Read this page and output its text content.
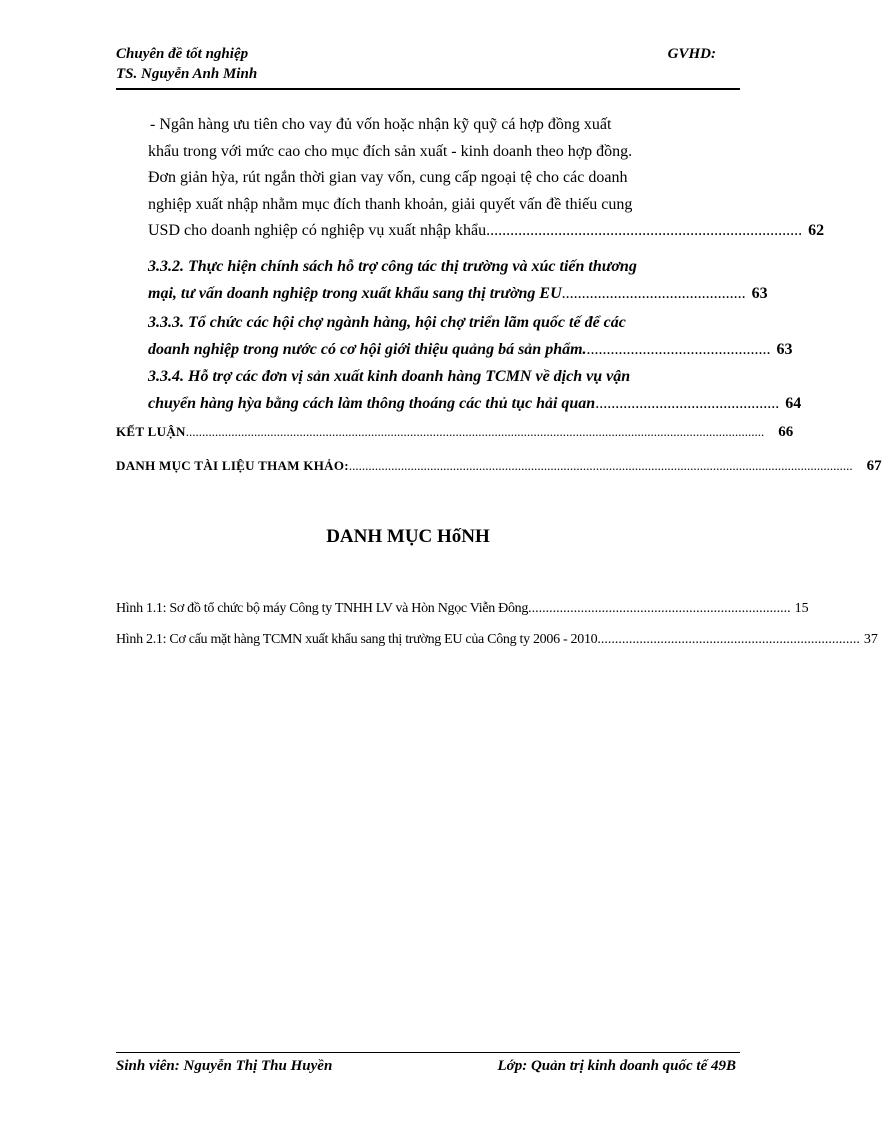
Chuyên đề tốt nghiệp
TS. Nguyễn Anh Minh
GVHD:
- Ngân hàng ưu tiên cho vay đủ vốn hoặc nhận kỹ quỹ cá hợp đồng xuất
khẩu trong với mức cao cho mục đích sản xuất - kinh doanh theo hợp đồng.
Đơn giản hỳa, rút ngắn thời gian vay vốn, cung cấp ngoại tệ cho các doanh
nghiệp xuất nhập nhằm mục đích thanh khoản, giải quyết vấn đề thiếu cung
USD cho doanh nghiệp có nghiệp vụ xuất nhập khẩu. .............................................................................. 62
3.3.2. Thực hiện chính sách hỗ trợ công tác thị trường và xúc tiến thương
mại, tư vấn doanh nghiệp trong xuất khẩu sang thị trường EU .............................................. 63
3.3.3. Tổ chức các hội chợ ngành hàng, hội chợ triển lãm quốc tế để các
doanh nghiệp trong nước có cơ hội giới thiệu quảng bá sản phẩm. .............................................. 63
3.3.4. Hỗ trợ các đơn vị sản xuất kinh doanh hàng TCMN về dịch vụ vận
chuyển hàng hỳa bằng cách làm thông thoáng các thủ tục hải quan .............................................. 64
KẾT LUẬN .................................................................................................................................................................................. 66
DANH MỤC TÀI LIỆU THAM KHẢO: ........................................................................................................................................................... 67
DANH MỤC HốNH
Hình 1.1: Sơ đồ tổ chức bộ máy Công ty TNHH LV và Hòn Ngọc Viễn Đông ........................................................................... 15
Hình 2.1: Cơ cấu mặt hàng TCMN xuất khẩu sang thị trường EU của Công ty 2006 - 2010 ........................................................................... 37
Sinh viên: Nguyễn Thị Thu Huyền	Lớp: Quản trị kinh doanh quốc tế 49B
